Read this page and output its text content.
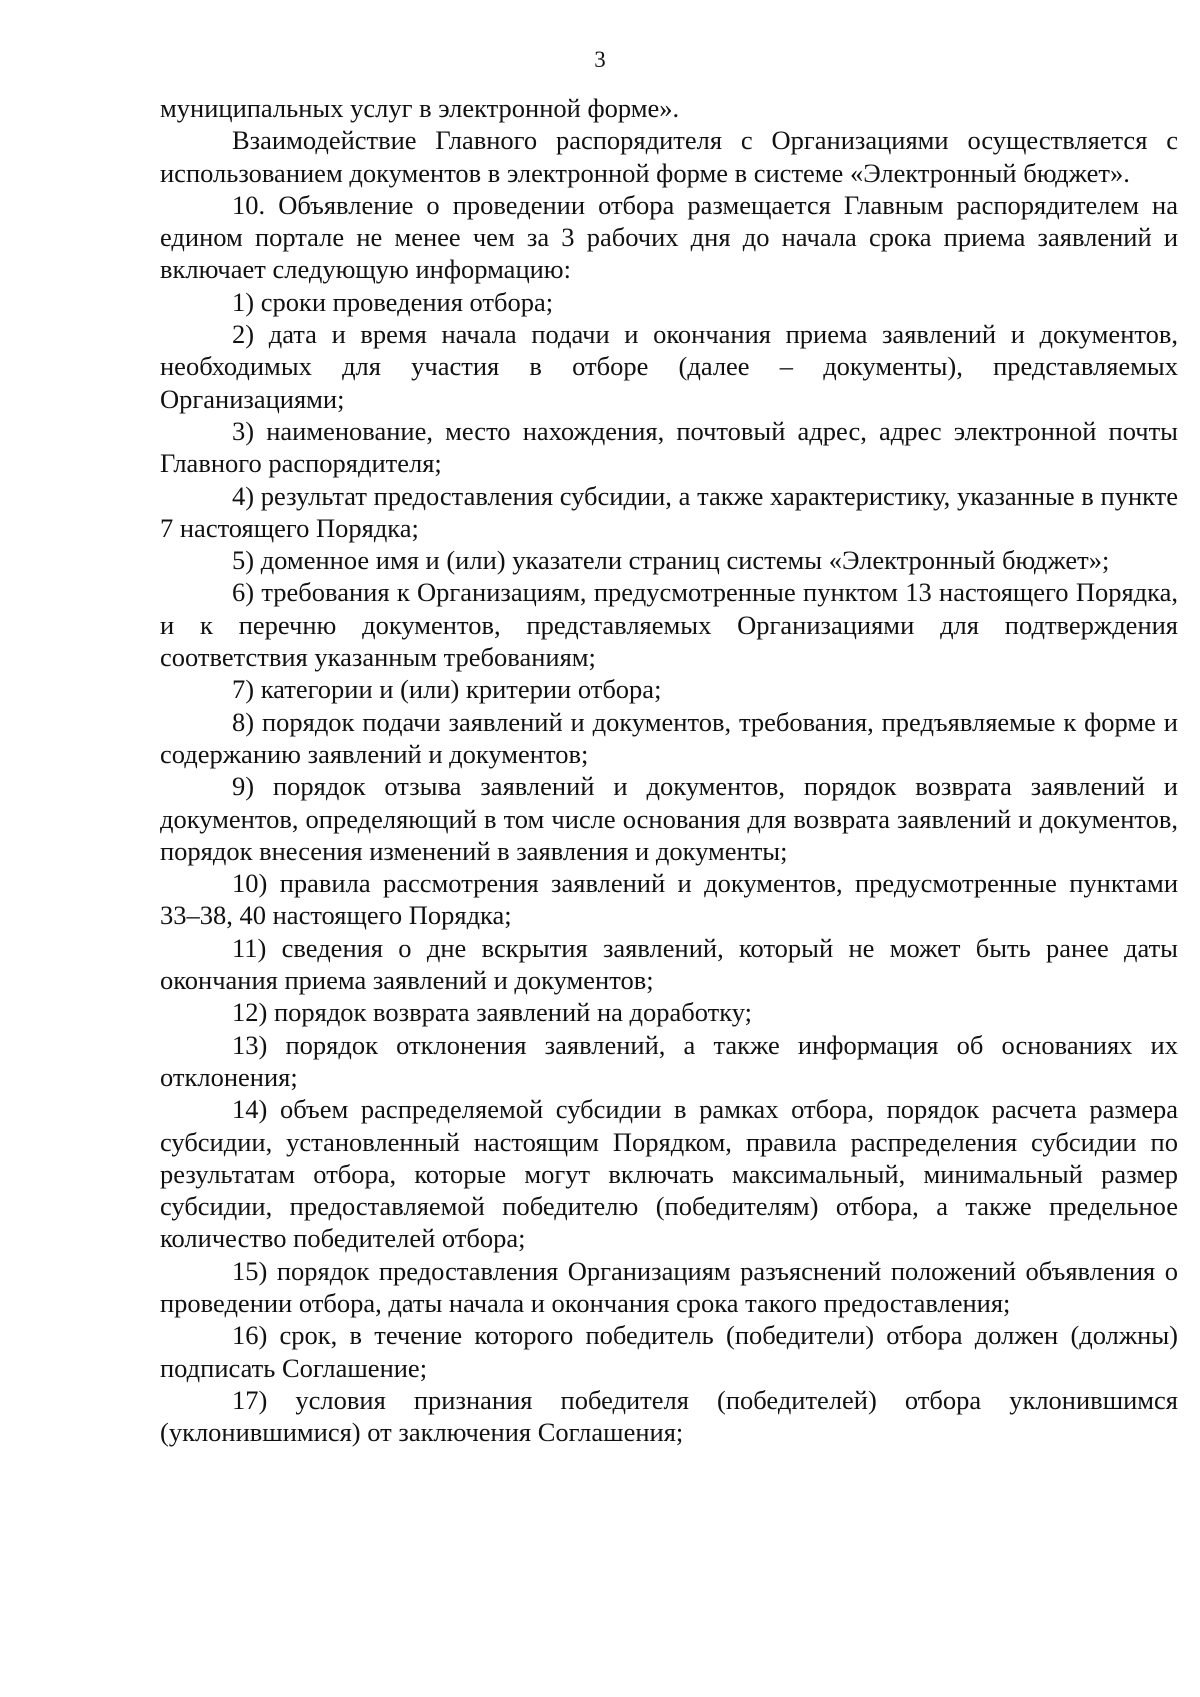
3

муниципальных услуг в электронной форме».

Взаимодействие Главного распорядителя с Организациями осуществляется с использованием документов в электронной форме в системе «Электронный бюджет».

10. Объявление о проведении отбора размещается Главным распорядителем на едином портале не менее чем за 3 рабочих дня до начала срока приема заявлений и включает следующую информацию:

1) сроки проведения отбора;

2) дата и время начала подачи и окончания приема заявлений и документов, необходимых для участия в отборе (далее – документы), представляемых Организациями;

3) наименование, место нахождения, почтовый адрес, адрес электронной почты Главного распорядителя;

4) результат предоставления субсидии, а также характеристику, указанные в пункте 7 настоящего Порядка;

5) доменное имя и (или) указатели страниц системы «Электронный бюджет»;

6) требования к Организациям, предусмотренные пунктом 13 настоящего Порядка, и к перечню документов, представляемых Организациями для подтверждения соответствия указанным требованиям;

7) категории и (или) критерии отбора;

8) порядок подачи заявлений и документов, требования, предъявляемые к форме и содержанию заявлений и документов;

9) порядок отзыва заявлений и документов, порядок возврата заявлений и документов, определяющий в том числе основания для возврата заявлений и документов, порядок внесения изменений в заявления и документы;

10) правила рассмотрения заявлений и документов, предусмотренные пунктами 33–38, 40 настоящего Порядка;

11) сведения о дне вскрытия заявлений, который не может быть ранее даты окончания приема заявлений и документов;

12) порядок возврата заявлений на доработку;

13) порядок отклонения заявлений, а также информация об основаниях их отклонения;

14) объем распределяемой субсидии в рамках отбора, порядок расчета размера субсидии, установленный настоящим Порядком, правила распределения субсидии по результатам отбора, которые могут включать максимальный, минимальный размер субсидии, предоставляемой победителю (победителям) отбора, а также предельное количество победителей отбора;

15) порядок предоставления Организациям разъяснений положений объявления о проведении отбора, даты начала и окончания срока такого предоставления;

16) срок, в течение которого победитель (победители) отбора должен (должны) подписать Соглашение;

17) условия признания победителя (победителей) отбора уклонившимся (уклонившимися) от заключения Соглашения;
